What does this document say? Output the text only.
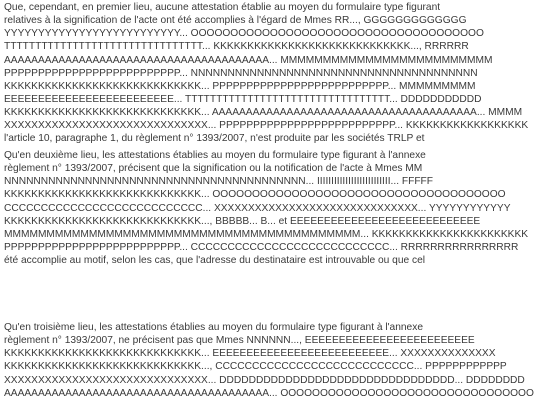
Que, cependant, en premier lieu, aucune attestation établie au moyen du formulaire type figurant
relatives à la signification de l'acte ont été accomplies à l'égard de Mmes RR..., GGGGGGGGGGGGG
YYYYYYYYYYYYYYYYYYYYYYYYYY... OOOOOOOOOOOOOOOOOOOOOOOOOOOOOOOOOOOOO
TTTTTTTTTTTTTTTTTTTTTTTTTTTTTTTT... KKKKKKKKKKKKKKKKKKKKKKKKKKKKK..., RRRRRR
AAAAAAAAAAAAAAAAAAAAAAAAAAAAAAAAAAAAAAA... MMMMMMMMMMMMMMMMMMMMMMMMM
PPPPPPPPPPPPPPPPPPPPPPPPPP... NNNNNNNNNNNNNNNNNNNNNNNNNNNNNNNNNNNNNNN
KKKKKKKKKKKKKKKKKKKKKKKKKKKKK... PPPPPPPPPPPPPPPPPPPPPPPPPP... MMMMMMMMM
EEEEEEEEEEEEEEEEEEEEEEEEE... TTTTTTTTTTTTTTTTTTTTTTTTTTTTTTTTT... DDDDDDDDDDD
KKKKKKKKKKKKKKKKKKKKKKKKKKKKK... AAAAAAAAAAAAAAAAAAAAAAAAAAAAAAAAAAAAAAA... MMMM
XXXXXXXXXXXXXXXXXXXXXXXXXXXXXX... PPPPPPPPPPPPPPPPPPPPPPPPPP... KKKKKKKKKKKKKKKKKK
l'article 10, paragraphe 1, du règlement n° 1393/2007, n'est produite par les sociétés TRLP et
Qu'en deuxième lieu, les attestations établies au moyen du formulaire type figurant à l'annexe
règlement n° 1393/2007, précisent que la signification ou la notification de l'acte à Mmes MM
NNNNNNNNNNNNNNNNNNNNNNNNNNNNNNNNNNNNNNNNN... IIIIIIIIIIIIIIIIIIIIIIIIII... FFFFF
KKKKKKKKKKKKKKKKKKKKKKKKKKKKK... OOOOOOOOOOOOOOOOOOOOOOOOOOOOOOOOOOOOO
CCCCCCCCCCCCCCCCCCCCCCCCCCC... XXXXXXXXXXXXXXXXXXXXXXXXXXXXXX... YYYYYYYYYYYY
KKKKKKKKKKKKKKKKKKKKKKKKKKKKK..., BBBBB... B... et EEEEEEEEEEEEEEEEEEEEEEEEEEEE
MMMMMMMMMMMMMMMMMMMMMMMMMMMMMMMMMMMMMMMMMM... KKKKKKKKKKKKKKKKKKKKKKK
PPPPPPPPPPPPPPPPPPPPPPPPPP... CCCCCCCCCCCCCCCCCCCCCCCCCCC... RRRRRRRRRRRRRRRR
été accomplie au motif, selon les cas, que l'adresse du destinataire est introuvable ou que cel
Qu'en troisième lieu, les attestations établies au moyen du formulaire type figurant à l'annexe
règlement n° 1393/2007, ne précisent pas que Mmes NNNNNN..., EEEEEEEEEEEEEEEEEEEEEEEEE
KKKKKKKKKKKKKKKKKKKKKKKKKKKKK... EEEEEEEEEEEEEEEEEEEEEEEEEE... XXXXXXXXXXXXXX
KKKKKKKKKKKKKKKKKKKKKKKKKKKKK..., CCCCCCCCCCCCCCCCCCCCCCCCCCC... PPPPPPPPPPPP
XXXXXXXXXXXXXXXXXXXXXXXXXXXXXX... DDDDDDDDDDDDDDDDDDDDDDDDDDDDDDDD... DDDDDDDD
AAAAAAAAAAAAAAAAAAAAAAAAAAAAAAAAAAAAAAA... OOOOOOOOOOOOOOOOOOOOOOOOOOOOOOOO
